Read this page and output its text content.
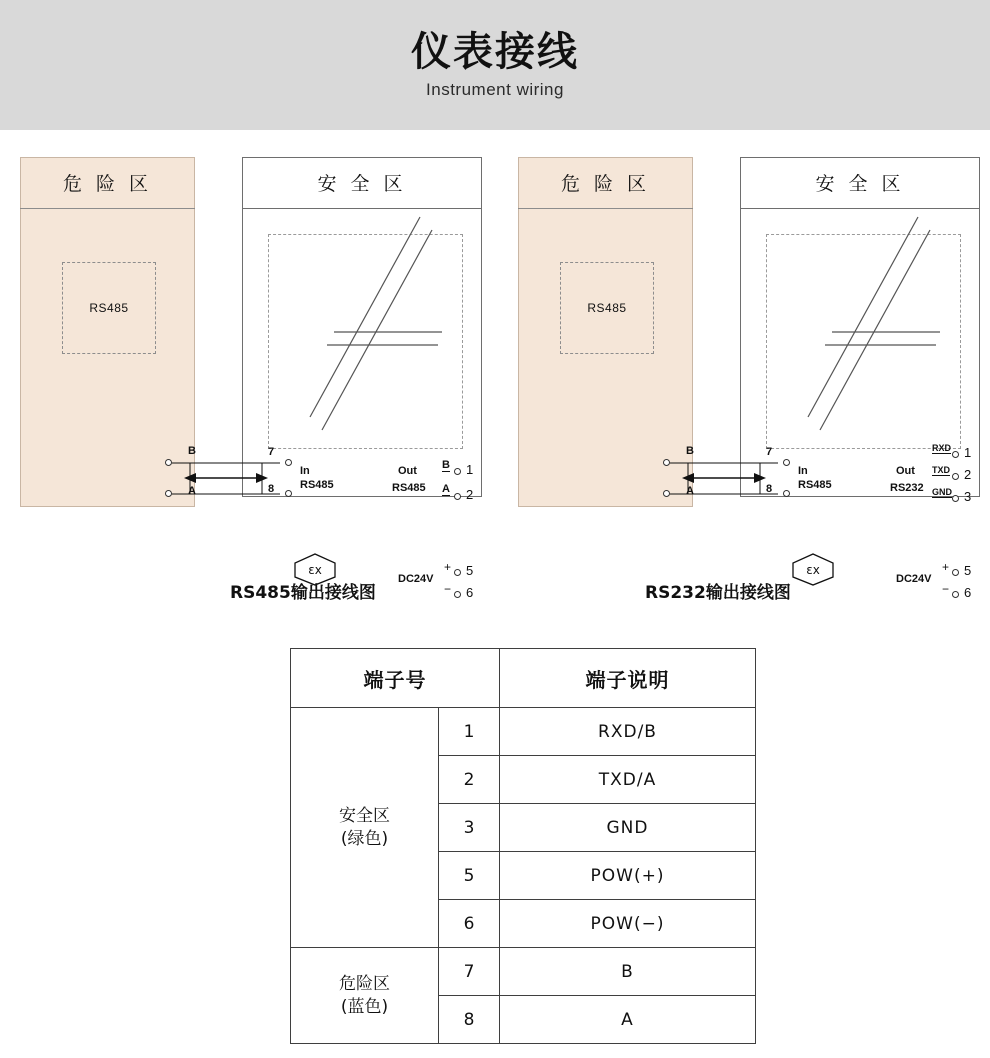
仪表接线
Instrument wiring
危 险 区
RS485
安 全 区
B
A
7
8
In
RS485
Out
RS485
B 1
A 2
DC24V
+ 5
− 6
ɛx
危 险 区
RS485
安 全 区
B
A
7
8
In
RS485
Out
RS232
RXD 1
TXD 2
GND 3
DC24V
+ 5
− 6
ɛx
RS485输出接线图	RS232输出接线图
端子号		端子说明

安全区
(绿色)	1	RXD/B
	2	TXD/A
	3	GND
	5	POW(+)
	6	POW(−)

危险区
(蓝色)	7	B
	8	A
